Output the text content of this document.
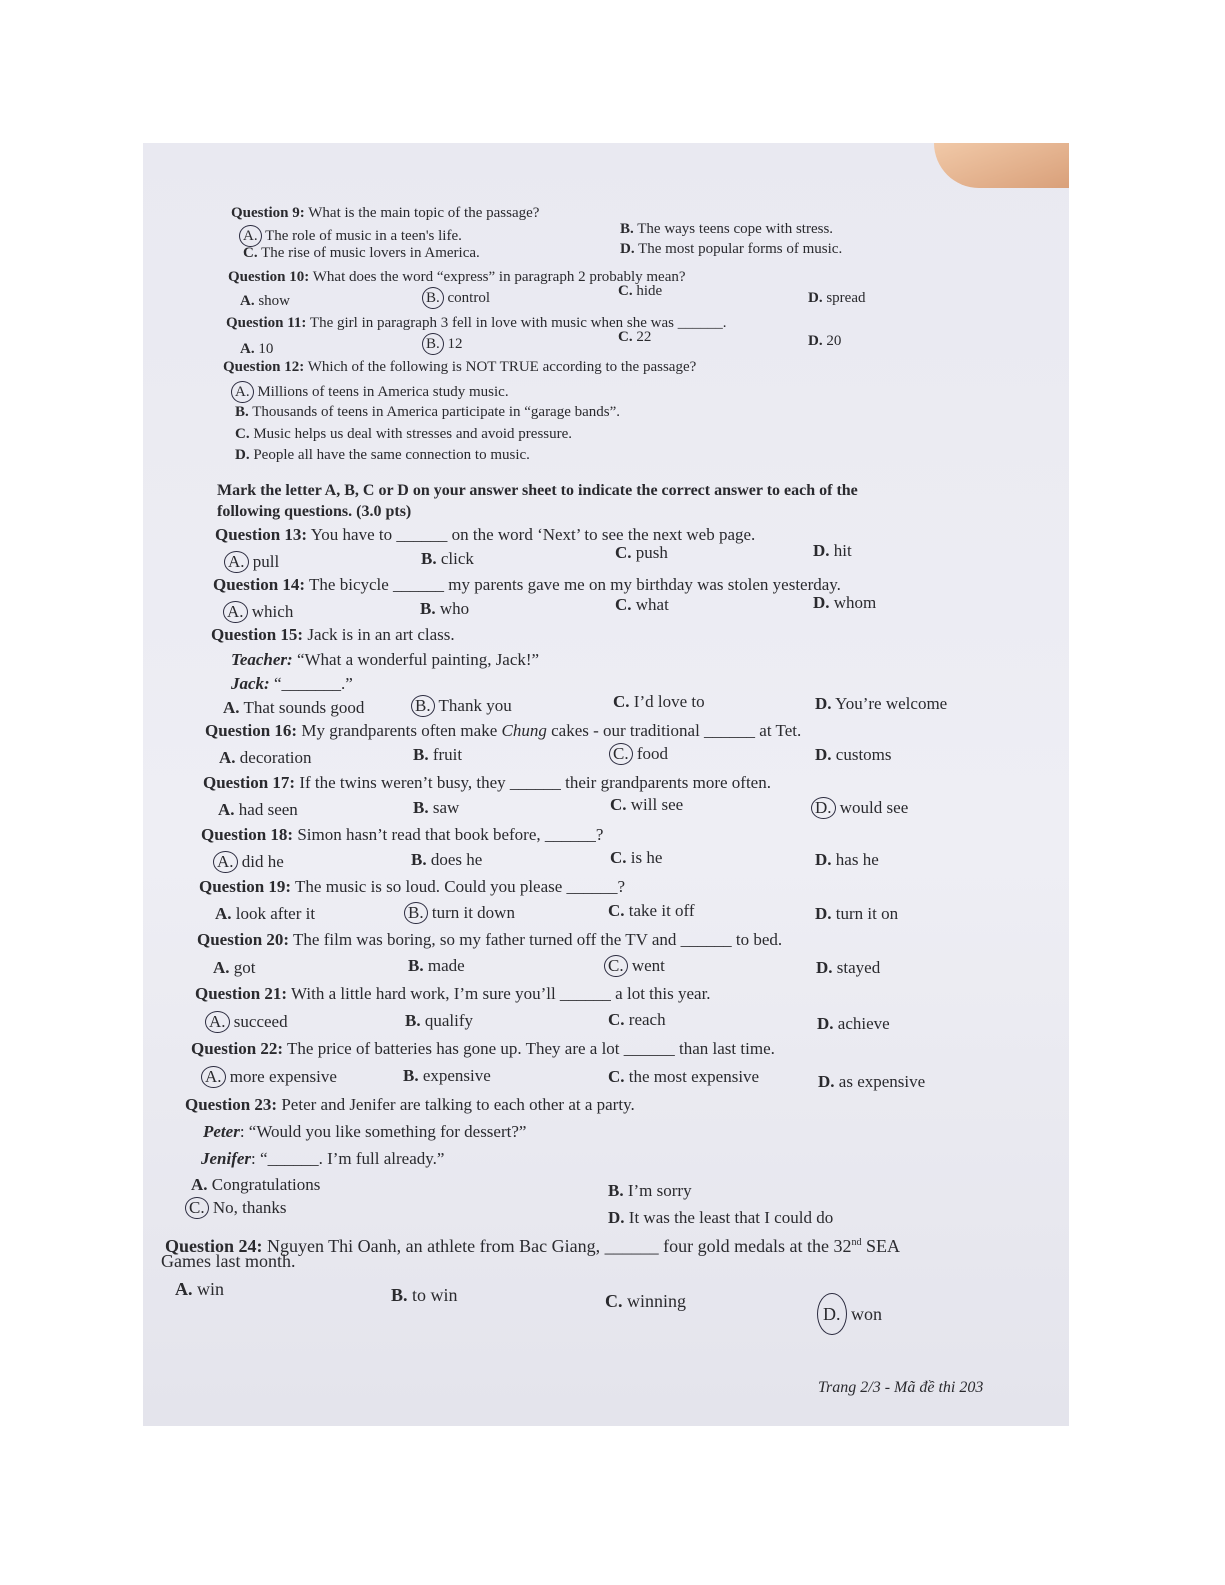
Question 9: What is the main topic of the passage?
A. The role of music in a teen's life.	B. The ways teens cope with stress.
C. The rise of music lovers in America.	D. The most popular forms of music.
Question 10: What does the word “express” in paragraph 2 probably mean?
A. show	B. control	C. hide	D. spread
Question 11: The girl in paragraph 3 fell in love with music when she was ______.
A. 10	B. 12	C. 22	D. 20
Question 12: Which of the following is NOT TRUE according to the passage?
A. Millions of teens in America study music.
B. Thousands of teens in America participate in “garage bands”.
C. Music helps us deal with stresses and avoid pressure.
D. People all have the same connection to music.
Mark the letter A, B, C or D on your answer sheet to indicate the correct answer to each of the
following questions. (3.0 pts)
Question 13: You have to ______ on the word ‘Next’ to see the next web page.
A. pull	B. click	C. push	D. hit
Question 14: The bicycle ______ my parents gave me on my birthday was stolen yesterday.
A. which	B. who	C. what	D. whom
Question 15: Jack is in an art class.
Teacher: “What a wonderful painting, Jack!”
Jack: “_______.”
A. That sounds good	B. Thank you	C. I’d love to	D. You’re welcome
Question 16: My grandparents often make Chung cakes - our traditional ______ at Tet.
A. decoration	B. fruit	C. food	D. customs
Question 17: If the twins weren’t busy, they ______ their grandparents more often.
A. had seen	B. saw	C. will see	D. would see
Question 18: Simon hasn’t read that book before, ______?
A. did he	B. does he	C. is he	D. has he
Question 19: The music is so loud. Could you please ______?
A. look after it	B. turn it down	C. take it off	D. turn it on
Question 20: The film was boring, so my father turned off the TV and ______ to bed.
A. got	B. made	C. went	D. stayed
Question 21: With a little hard work, I’m sure you’ll ______ a lot this year.
A. succeed	B. qualify	C. reach	D. achieve
Question 22: The price of batteries has gone up. They are a lot ______ than last time.
A. more expensive	B. expensive	C. the most expensive	D. as expensive
Question 23: Peter and Jenifer are talking to each other at a party.
Peter: “Would you like something for dessert?”
Jenifer: “______. I’m full already.”
A. Congratulations	B. I’m sorry
C. No, thanks
D. It was the least that I could do
Question 24: Nguyen Thi Oanh, an athlete from Bac Giang, ______ four gold medals at the 32nd SEA
Games last month.
A. win	B. to win	C. winning
D. won
Trang 2/3 - Mã đề thi 203
